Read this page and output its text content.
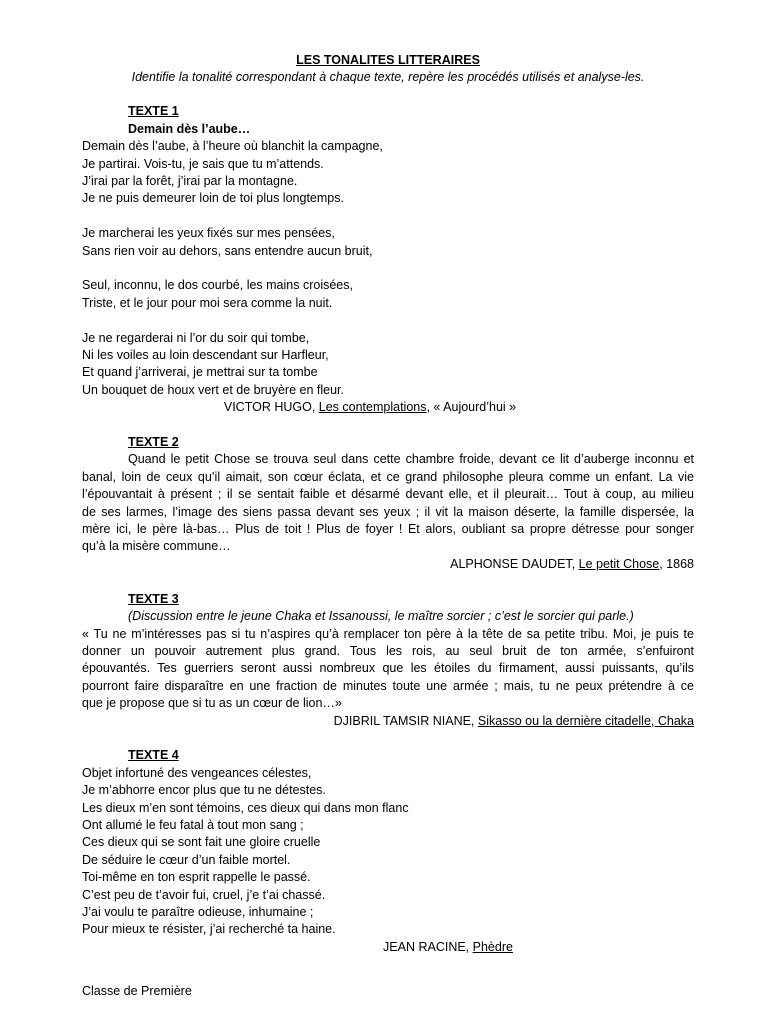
LES TONALITES LITTERAIRES
Identifie la tonalité correspondant à chaque texte, repère les procédés utilisés et analyse-les.
TEXTE 1
Demain dès l’aube…
Demain dès l’aube, à l’heure où blanchit la campagne,
Je partirai. Vois-tu, je sais que tu m’attends.
J’irai par la forêt, j’irai par la montagne.
Je ne puis demeurer loin de toi plus longtemps.
Je marcherai les yeux fixés sur mes pensées,
Sans rien voir au dehors, sans entendre aucun bruit,
Seul, inconnu, le dos courbé, les mains croisées,
Triste, et le jour pour moi sera comme la nuit.
Je ne regarderai ni l’or du soir qui tombe,
Ni les voiles au loin descendant sur Harfleur,
Et quand j’arriverai, je mettrai sur ta tombe
Un bouquet de houx vert et de bruyère en fleur.
VICTOR HUGO, Les contemplations, « Aujourd’hui »
TEXTE 2
Quand le petit Chose se trouva seul dans cette chambre froide, devant ce lit d’auberge inconnu et
banal, loin de ceux qu’il aimait, son cœur éclata, et ce grand philosophe pleura comme un enfant. La vie
l’épouvantait à présent ; il se sentait faible et désarmé devant elle, et il pleurait… Tout à coup, au milieu
de ses larmes, l’image des siens passa devant ses yeux ; il vit la maison déserte, la famille dispersée, la
mère ici, le père là-bas… Plus de toit ! Plus de foyer ! Et alors, oubliant sa propre détresse pour songer
qu’à la misère commune…
ALPHONSE DAUDET, Le petit Chose, 1868
TEXTE 3
(Discussion entre le jeune Chaka et Issanoussi, le maître sorcier ; c’est le sorcier qui parle.)
« Tu ne m’intéresses pas si tu n’aspires qu’à remplacer ton père à la tête de sa petite tribu. Moi, je puis te
donner un pouvoir autrement plus grand. Tous les rois, au seul bruit de ton armée, s’enfuiront
épouvantés. Tes guerriers seront aussi nombreux que les étoiles du firmament, aussi puissants, qu’ils
pourront faire disparaître en une fraction de minutes toute une armée ; mais, tu ne peux prétendre à ce
que je propose que si tu as un cœur de lion…»
DJIBRIL TAMSIR NIANE, Sikasso ou la dernière citadelle, Chaka
TEXTE 4
Objet infortuné des vengeances célestes,
Je m’abhorre encor plus que tu ne détestes.
Les dieux m’en sont témoins, ces dieux qui dans mon flanc
Ont allumé le feu fatal à tout mon sang ;
Ces dieux qui se sont fait une gloire cruelle
De séduire le cœur d’un faible mortel.
Toi-même en ton esprit rappelle le passé.
C’est peu de t’avoir fui, cruel, j’e t’ai chassé.
J’ai voulu te paraître odieuse, inhumaine ;
Pour mieux te résister, j’ai recherché ta haine.
JEAN RACINE, Phèdre
Classe de Première
